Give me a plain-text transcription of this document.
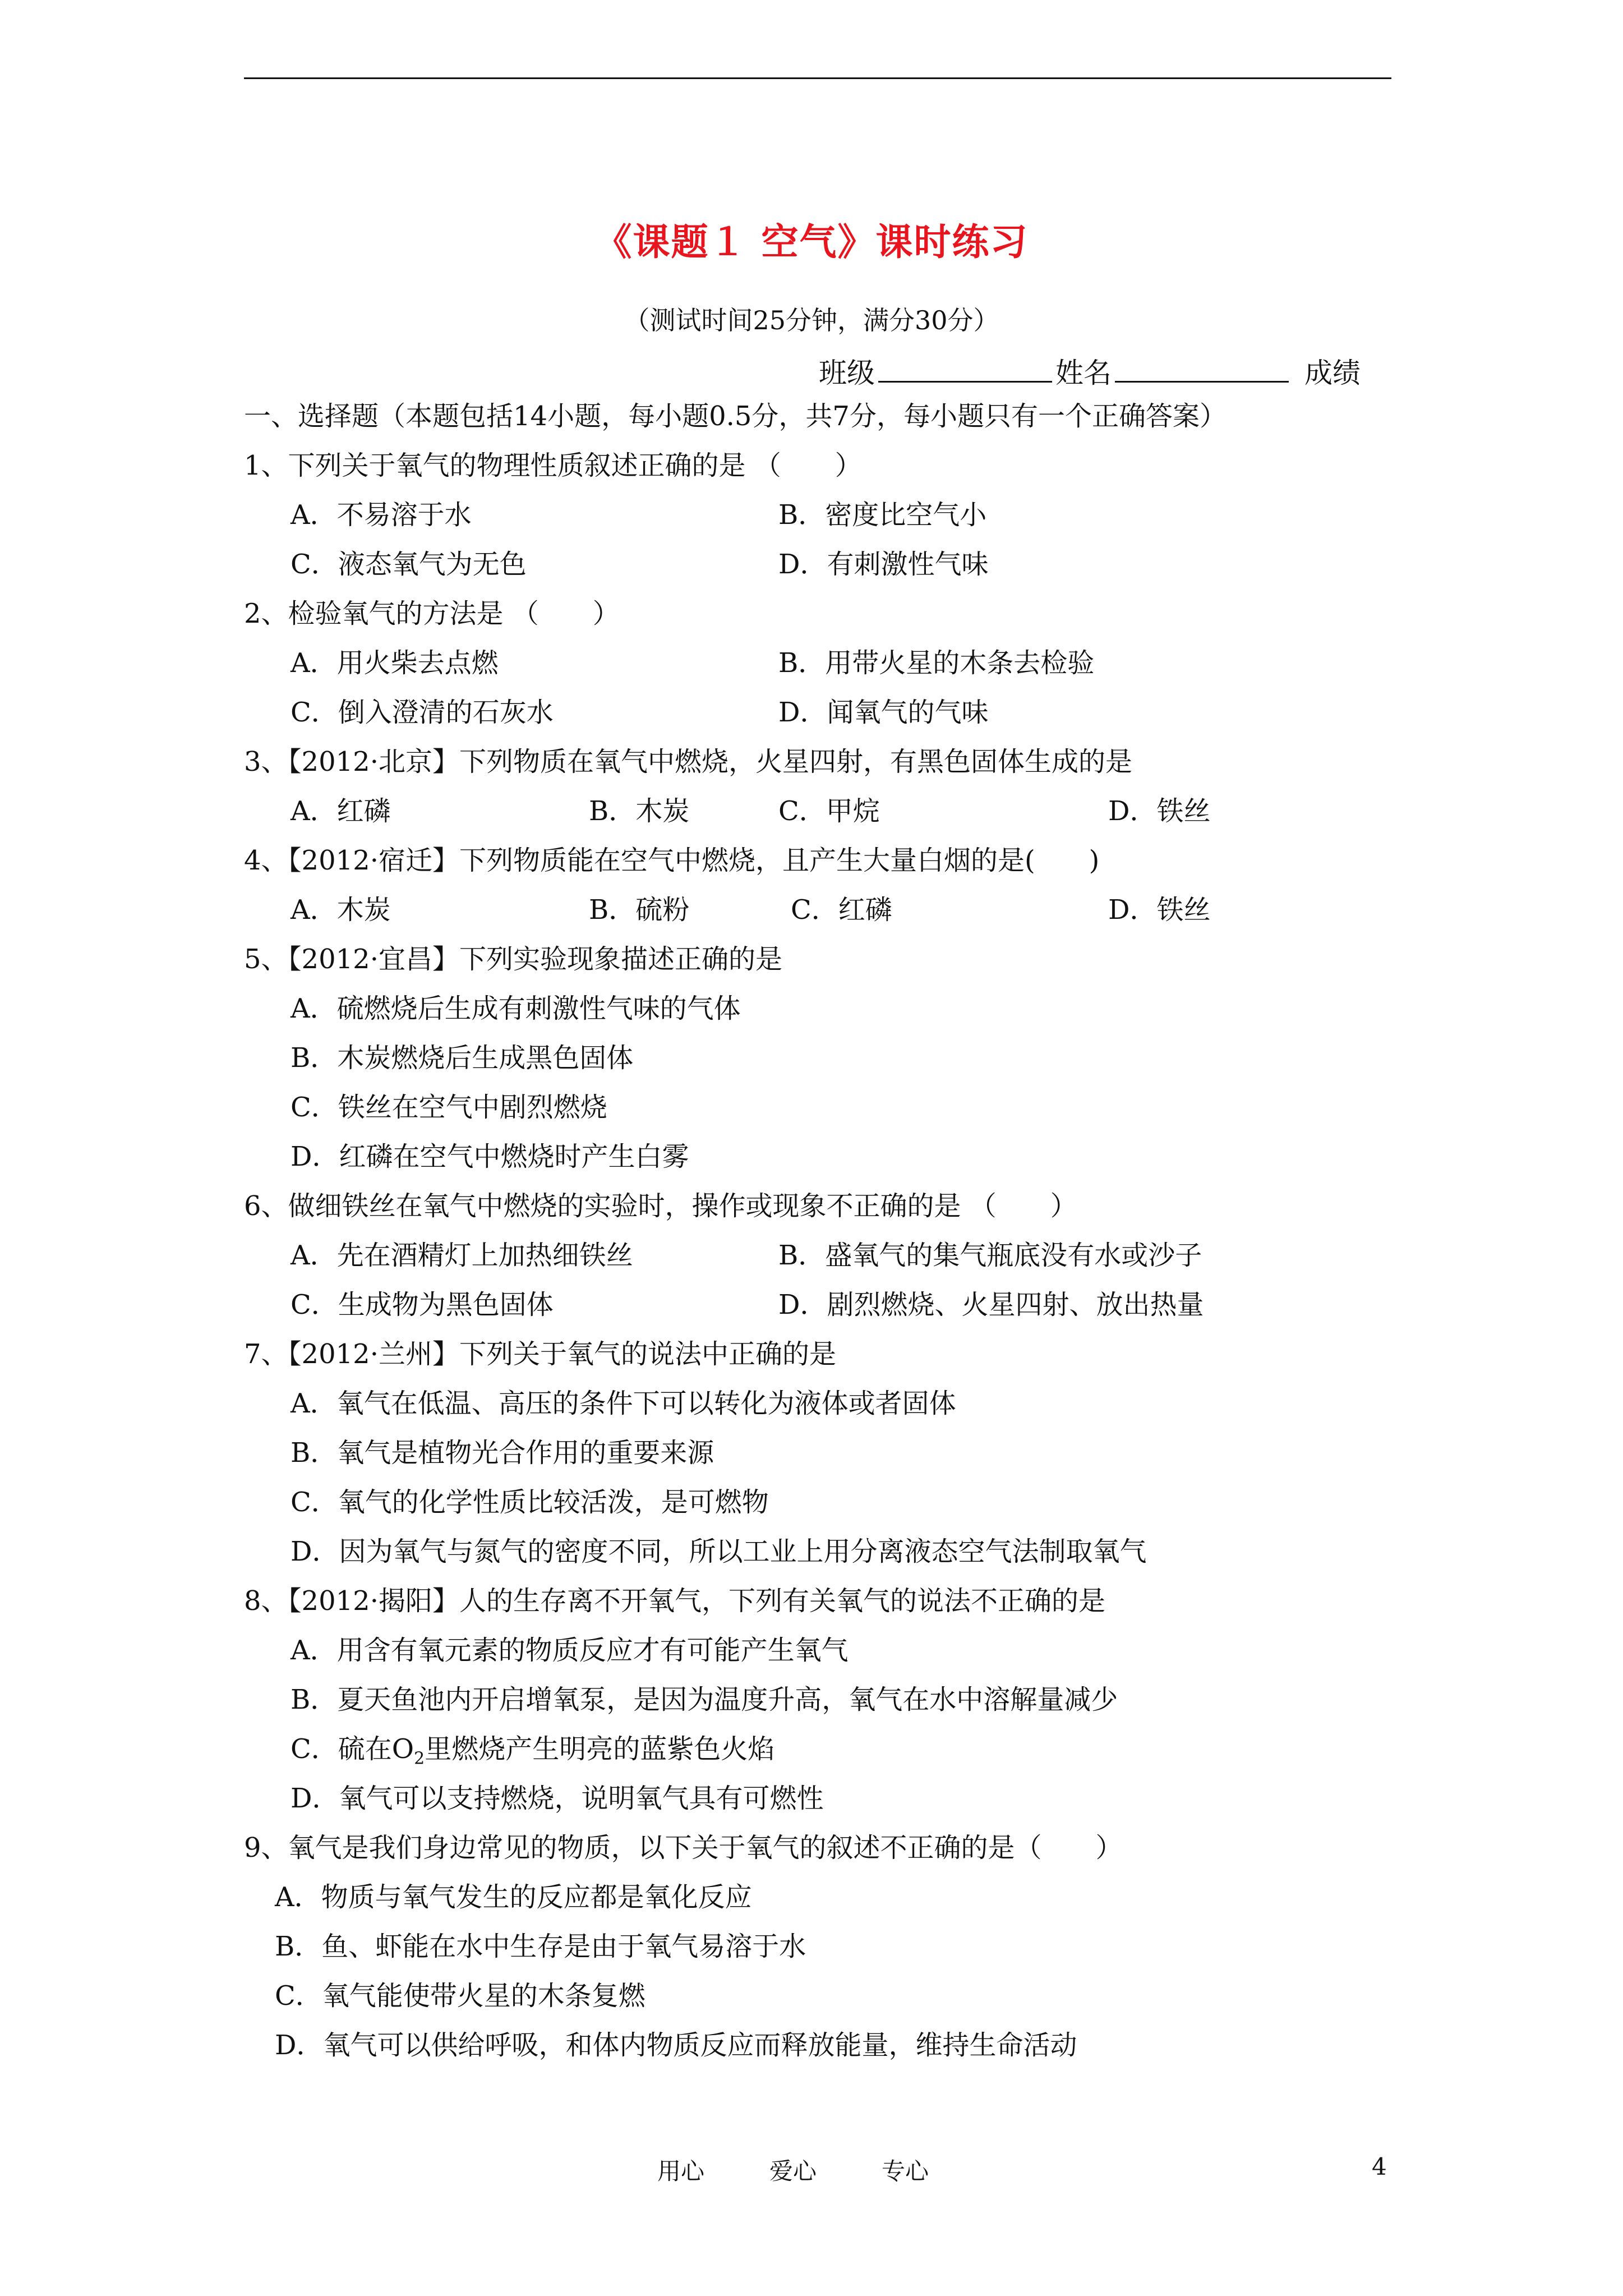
《课题１ 空气》课时练习
（测试时间25分钟，满分30分）
班级	姓名	成绩
一、选择题（本题包括14小题，每小题0.5分，共7分，每小题只有一个正确答案）
1、下列关于氧气的物理性质叙述正确的是 （　　）
A．不易溶于水	B．密度比空气小
C．液态氧气为无色	D．有刺激性气味
2、检验氧气的方法是 （　　）
A．用火柴去点燃	B．用带火星的木条去检验
C．倒入澄清的石灰水	D．闻氧气的气味
3、【2012·北京】下列物质在氧气中燃烧，火星四射，有黑色固体生成的是
A．红磷	B．木炭	C．甲烷	D．铁丝
4、【2012·宿迁】下列物质能在空气中燃烧，且产生大量白烟的是(　　)
A．木炭	B．硫粉	C．红磷	D．铁丝
5、【2012·宜昌】下列实验现象描述正确的是
A．硫燃烧后生成有刺激性气味的气体
B．木炭燃烧后生成黑色固体
C．铁丝在空气中剧烈燃烧
D．红磷在空气中燃烧时产生白雾
6、做细铁丝在氧气中燃烧的实验时，操作或现象不正确的是 （　　）
A．先在酒精灯上加热细铁丝	B．盛氧气的集气瓶底没有水或沙子
C．生成物为黑色固体	D．剧烈燃烧、火星四射、放出热量
7、【2012·兰州】下列关于氧气的说法中正确的是
A．氧气在低温、高压的条件下可以转化为液体或者固体
B．氧气是植物光合作用的重要来源
C．氧气的化学性质比较活泼，是可燃物
D．因为氧气与氮气的密度不同，所以工业上用分离液态空气法制取氧气
8、【2012·揭阳】人的生存离不开氧气，下列有关氧气的说法不正确的是
A．用含有氧元素的物质反应才有可能产生氧气
B．夏天鱼池内开启增氧泵，是因为温度升高，氧气在水中溶解量减少
C．硫在$O_2$里燃烧产生明亮的蓝紫色火焰
D．氧气可以支持燃烧，说明氧气具有可燃性
9、氧气是我们身边常见的物质，以下关于氧气的叙述不正确的是（　　）
A．物质与氧气发生的反应都是氧化反应
B．鱼、虾能在水中生存是由于氧气易溶于水
C．氧气能使带火星的木条复燃
D．氧气可以供给呼吸，和体内物质反应而释放能量，维持生命活动
用心	爱心	专心	4
